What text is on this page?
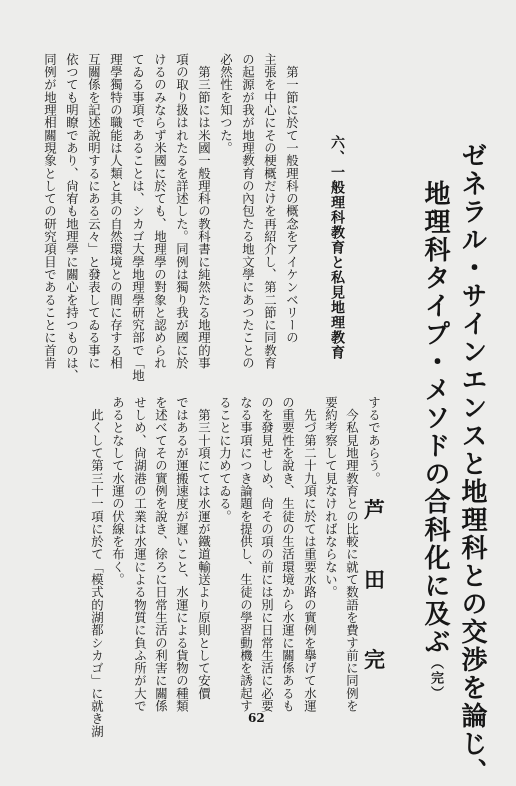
ゼネラル・サインエンスと地理科との交渉を論じ、
地理科タイプ・メソドの合科化に及ぶ（完）
芦
田
完
するであらう。
　今私見地理教育との比較に就て数語を費す前に同例を
要約考察して見なければならない。
　先づ第二十九項に於ては重要水路の實例を擧げて水運
の重要性を說き、生徒の生活環境から水運に關係あるも
のを發見せしめ、尙その項の前には別に日常生活に必要
なる事項につき論題を提供し、生徒の學習動機を誘起す
ることに力めてゐる。
　第三十項にては水運が鐵道輸送より原則として安價
ではあるが運搬速度が遲いこと、水運による貨物の種類
を述べてその實例を說き、徐ろに日常生活の利害に關係
せしめ、尙湖港の工業は水運による物質に負ふ所が大で
あるとなして水運の伏線を布く。
　此くして第三十一項に於て「模式的湖都シカゴ」に就き湖
六、一般理科教育と私見地理教育
　第一節に於て一般理科の概念をアイケンベリーの
主張を中心にその梗概だけを再紹介し、第二節に同教育
の起源が我が地理教育の內包たる地文學にあつたことの
必然性を知つた。
　第三節には米國一般理科の教科書に純然たる地理的事
項の取り扱はれたるを詳述した。同例は獨り我が國に於
けるのみならず米國に於ても、地理學の對象と認められ
てゐる事項であることは、シカゴ大學地理學研究部で「地
理學獨特の職能は人類と其の自然環境との間に存する相
互關係を記述說明するにある云々」と發表してゐる事に
依つても明瞭であり、尙宥も地理學に關心を持つものは、
同例が地理相關現象としての研究項目であることに首肯
62
